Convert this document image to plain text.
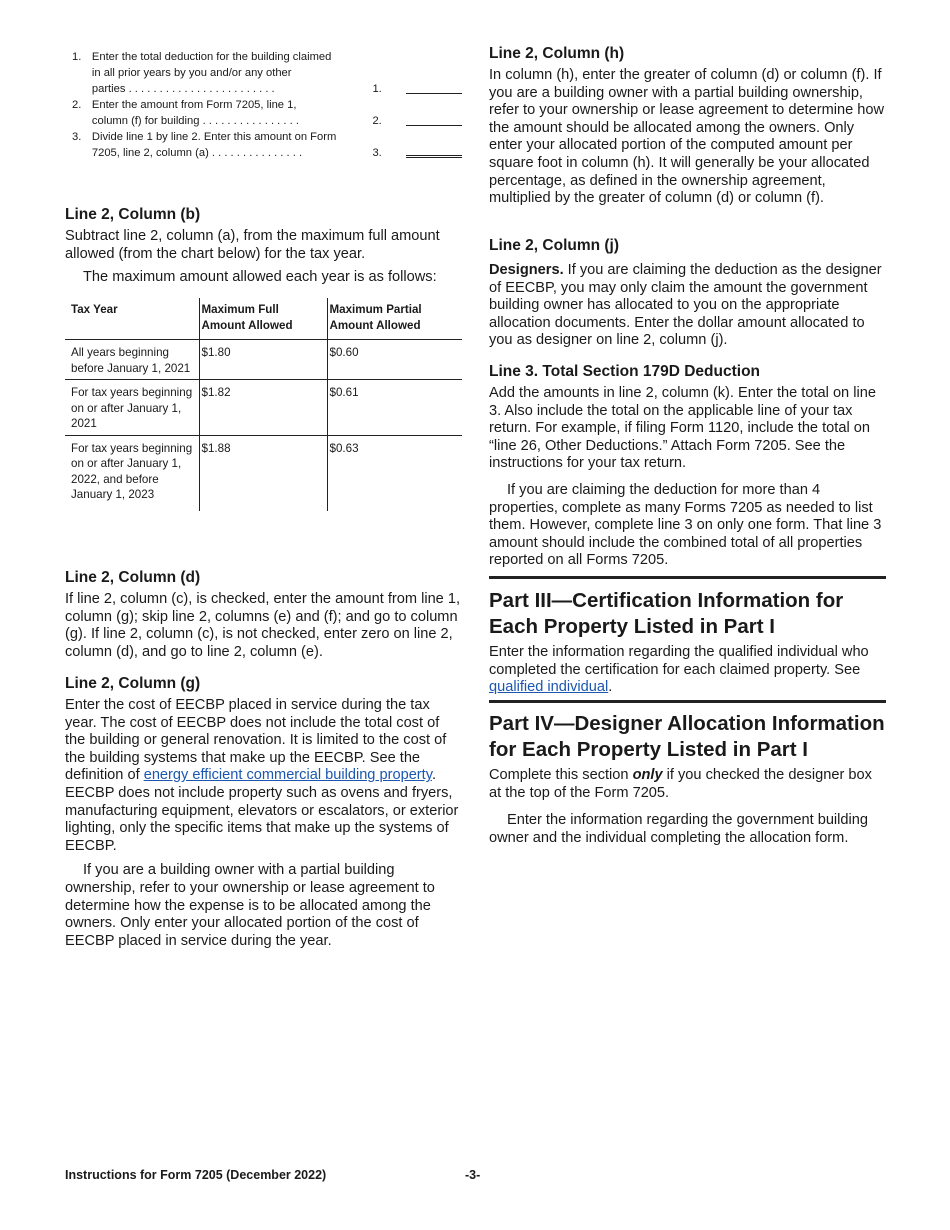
1. Enter the total deduction for the building claimed
in all prior years by you and/or any other
parties . . . . . . . . . . . . . . . . . . . . . . . .	1.
2. Enter the amount from Form 7205, line 1,
column (f) for building . . . . . . . . . . . . . . . .	2.
3. Divide line 1 by line 2. Enter this amount on Form
7205, line 2, column (a) . . . . . . . . . . . . . . .	3.
Line 2, Column (b)

Subtract line 2, column (a), from the maximum full amount allowed (from the chart below) for the tax year.

The maximum amount allowed each year is as follows:

Tax Year	Maximum Full Amount Allowed	Maximum Partial Amount Allowed
All years beginning before January 1, 2021	$1.80	$0.60
For tax years beginning on or after January 1, 2021	$1.82	$0.61
For tax years beginning on or after January 1, 2022, and before January 1, 2023	$1.88	$0.63
Line 2, Column (d)

If line 2, column (c), is checked, enter the amount from line 1, column (g); skip line 2, columns (e) and (f); and go to column (g). If line 2, column (c), is not checked, enter zero on line 2, column (d), and go to line 2, column (e).

Line 2, Column (g)

Enter the cost of EECBP placed in service during the tax year. The cost of EECBP does not include the total cost of the building or general renovation. It is limited to the cost of the building systems that make up the EECBP. See the definition of energy efficient commercial building property. EECBP does not include property such as ovens and fryers, manufacturing equipment, elevators or escalators, or exterior lighting, only the specific items that make up the systems of EECBP.

If you are a building owner with a partial building ownership, refer to your ownership or lease agreement to determine how the expense is to be allocated among the owners. Only enter your allocated portion of the cost of EECBP placed in service during the year.

Line 2, Column (h)

In column (h), enter the greater of column (d) or column (f). If you are a building owner with a partial building ownership, refer to your ownership or lease agreement to determine how the amount should be allocated among the owners. Only enter your allocated portion of the computed amount per square foot in column (h). It will generally be your allocated percentage, as defined in the ownership agreement, multiplied by the greater of column (d) or column (f).

Line 2, Column (j)

Designers. If you are claiming the deduction as the designer of EECBP, you may only claim the amount the government building owner has allocated to you on the appropriate allocation documents. Enter the dollar amount allocated to you as designer on line 2, column (j).

Line 3. Total Section 179D Deduction

Add the amounts in line 2, column (k). Enter the total on line 3. Also include the total on the applicable line of your tax return. For example, if filing Form 1120, include the total on “line 26, Other Deductions.” Attach Form 7205. See the instructions for your tax return.

If you are claiming the deduction for more than 4 properties, complete as many Forms 7205 as needed to list them. However, complete line 3 on only one form. That line 3 amount should include the combined total of all properties reported on all Forms 7205.

Part III—Certification Information for Each Property Listed in Part I

Enter the information regarding the qualified individual who completed the certification for each claimed property. See qualified individual.

Part IV—Designer Allocation Information for Each Property Listed in Part I

Complete this section only if you checked the designer box at the top of the Form 7205.

Enter the information regarding the government building owner and the individual completing the allocation form.

Instructions for Form 7205 (December 2022)	-3-
